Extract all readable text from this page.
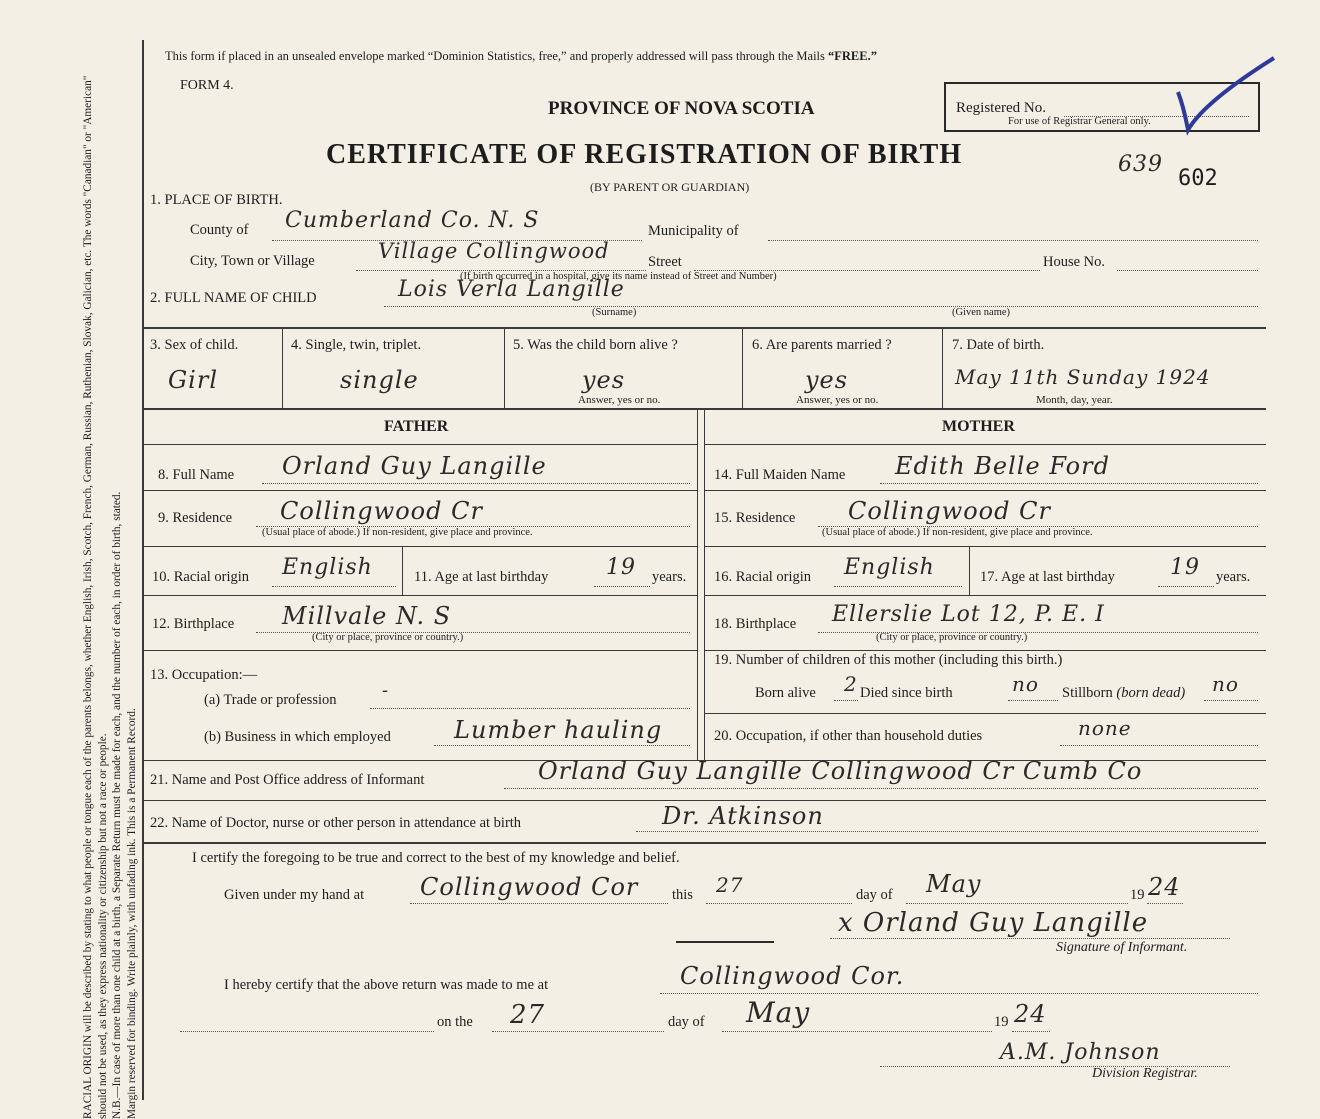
RACIAL ORIGIN will be described by stating to what people or tongue each of the parents belongs, whether English, Irish, Scotch, French, German, Russian, Ruthenian, Slovak, Galician, etc. The words "Canadian" or "American" should not be used, as they express nationality or citizenship but not a race or people. N.B.—In case of more than one child at a birth, a Separate Return must be made for each, and the number of each, in order of birth, stated. Margin reserved for binding. Write plainly, with unfading ink. This is a Permanent Record.

This form if placed in an unsealed envelope marked “Dominion Statistics, free,” and properly addressed will pass through the Mails “FREE.”
FORM 4.
PROVINCE OF NOVA SCOTIA
CERTIFICATE OF REGISTRATION OF BIRTH
(BY PARENT OR GUARDIAN)
Registered No.
For use of Registrar General only.
639
602
1. PLACE OF BIRTH.
County of Cumberland Co. N. S	Municipality of
City, Town or Village	Village Collingwood	Street	House No.
(If birth occurred in a hospital, give its name instead of Street and Number)
2. FULL NAME OF CHILD	Lois Verla Langille
(Surname)	(Given name)
3. Sex of child.
Girl
4. Single, twin, triplet.
single
5. Was the child born alive ?
yes
Answer, yes or no.
6. Are parents married ?
yes
Answer, yes or no.
7. Date of birth.
May 11th Sunday 1924
Month, day, year.
FATHER	MOTHER
8. Full Name Orland Guy Langille	14. Full Maiden Name Edith Belle Ford
9. Residence Collingwood Cr
(Usual place of abode.) If non-resident, give place and province.
15. Residence Collingwood Cr
(Usual place of abode.) If non-resident, give place and province.
10. Racial origin English	11. Age at last birthday	19 years. 16. Racial origin English	17. Age at last birthday	19 years.
12. Birthplace Millvale N. S
(City or place, province or country.)
18. Birthplace Ellerslie Lot 12, P. E. I
(City or place, province or country.)
13. Occupation:—
(a) Trade or profession	-
(b) Business in which employed	Lumber hauling
19. Number of children of this mother (including this birth.)
Born alive 2 Died since birth	no Stillborn (born dead) no
20. Occupation, if other than household duties	none
21. Name and Post Office address of Informant	Orland Guy Langille Collingwood Cr Cumb Co
22. Name of Doctor, nurse or other person in attendance at birth	Dr. Atkinson
I certify the foregoing to be true and correct to the best of my knowledge and belief.
Given under my hand at Collingwood Cor this 27	day of May	19 24
x Orland Guy Langille
Signature of Informant.
I hereby certify that the above return was made to me at	Collingwood Cor.
on the 27	day of May	19 24
A.M. Johnson
Division Registrar.
